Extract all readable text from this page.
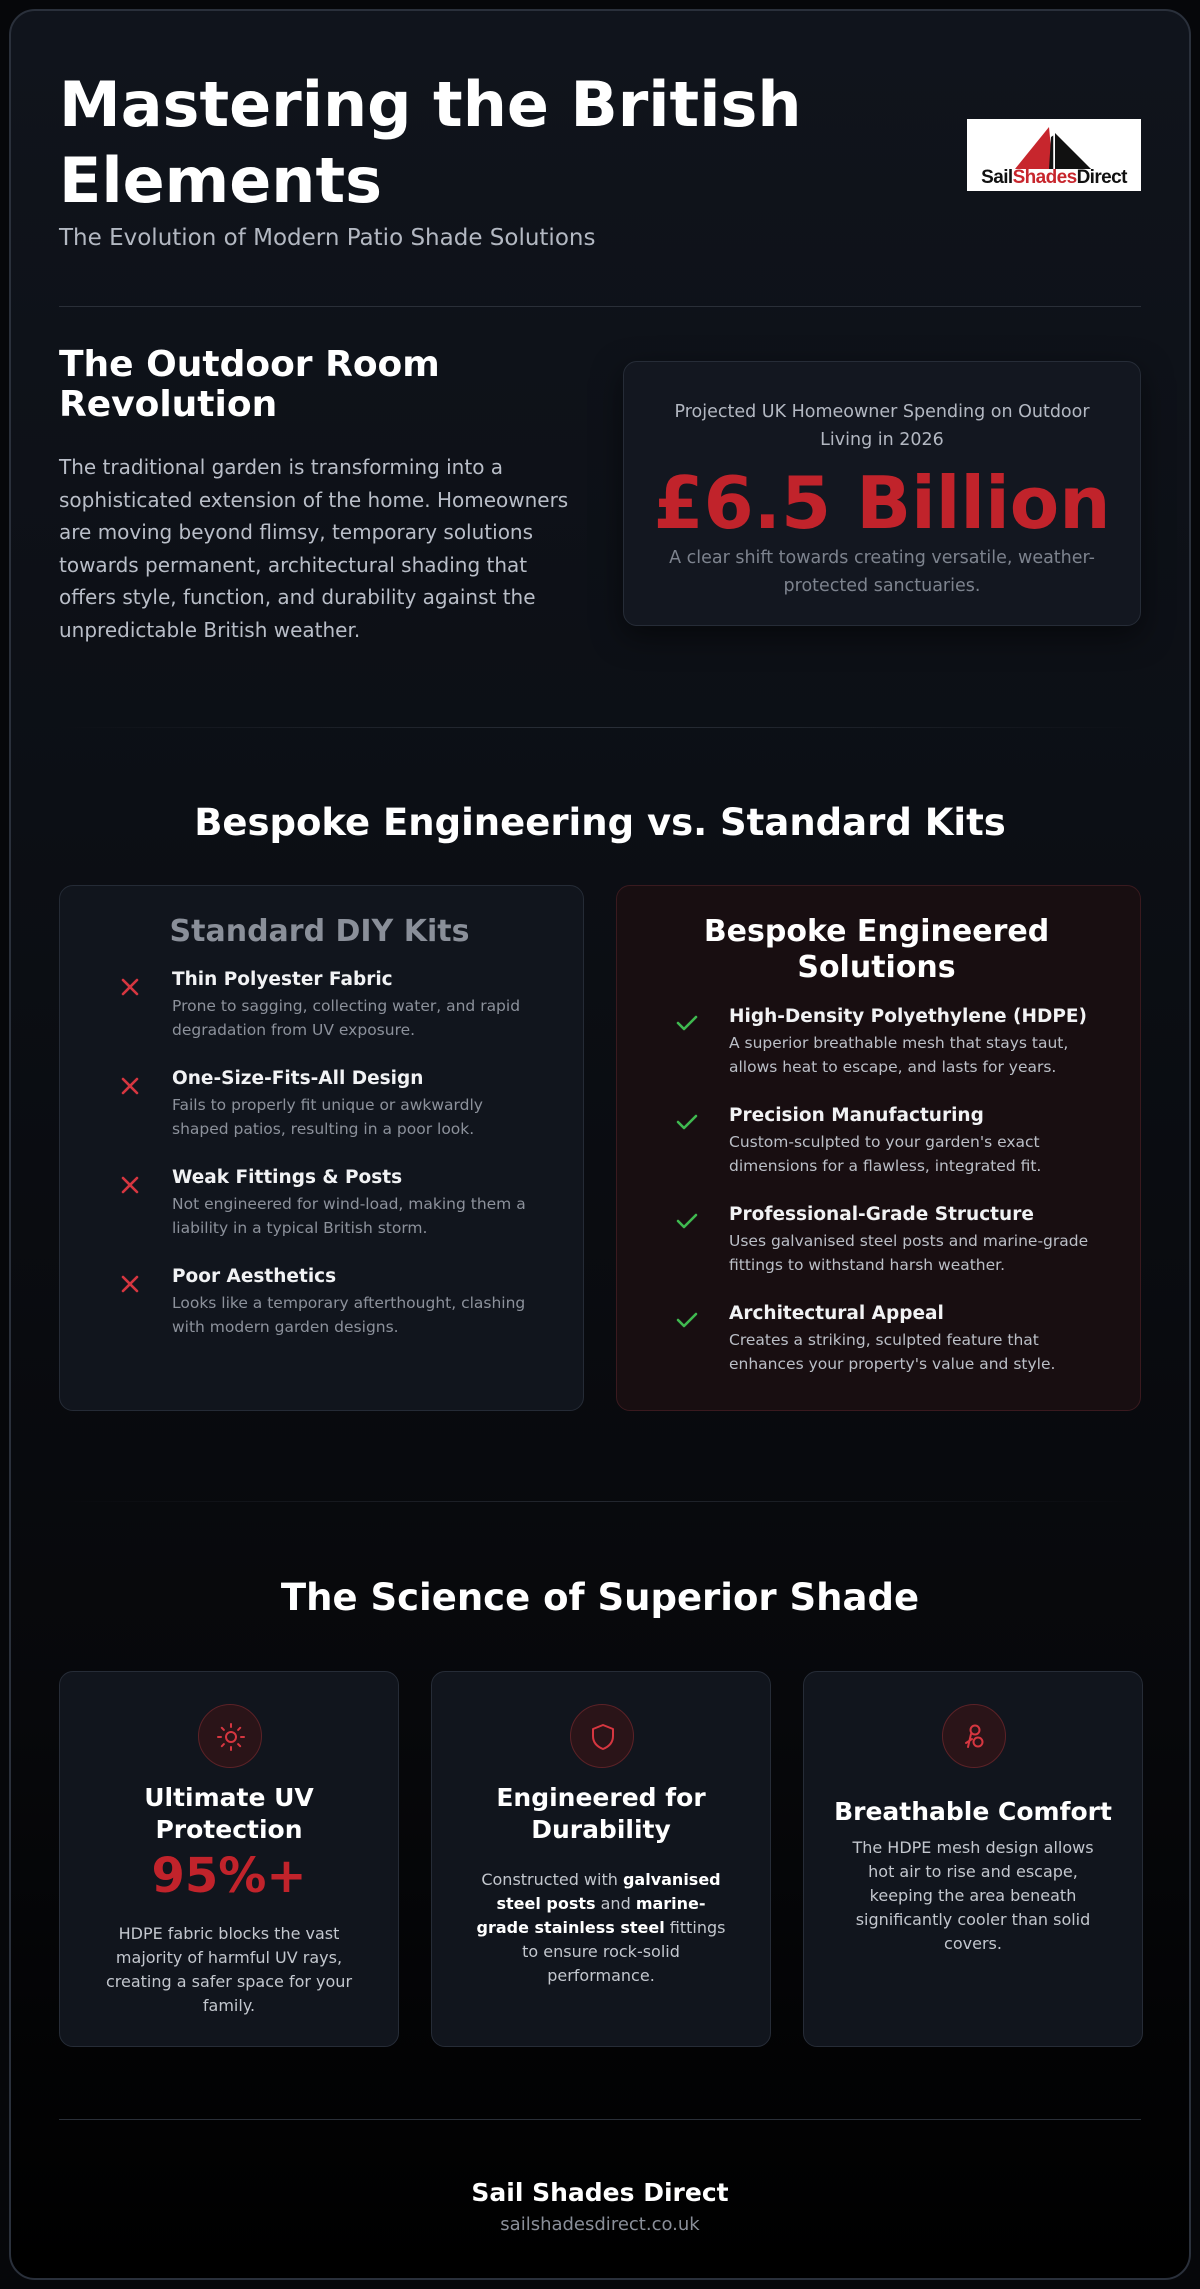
Mastering the British Elements
The Evolution of Modern Patio Shade Solutions
SailShadesDirect
The Outdoor Room Revolution

The traditional garden is transforming into a sophisticated extension of the home. Homeowners are moving beyond flimsy, temporary solutions towards permanent, architectural shading that offers style, function, and durability against the unpredictable British weather.

Projected UK Homeowner Spending on Outdoor Living in 2026
£6.5 Billion
A clear shift towards creating versatile, weather-protected sanctuaries.
Bespoke Engineering vs. Standard Kits
Standard DIY Kits
Thin Polyester Fabric
Prone to sagging, collecting water, and rapid degradation from UV exposure.
One-Size-Fits-All Design
Fails to properly fit unique or awkwardly shaped patios, resulting in a poor look.
Weak Fittings & Posts
Not engineered for wind-load, making them a liability in a typical British storm.
Poor Aesthetics
Looks like a temporary afterthought, clashing with modern garden designs.
Bespoke Engineered Solutions
High-Density Polyethylene (HDPE)
A superior breathable mesh that stays taut, allows heat to escape, and lasts for years.
Precision Manufacturing
Custom-sculpted to your garden's exact dimensions for a flawless, integrated fit.
Professional-Grade Structure
Uses galvanised steel posts and marine-grade fittings to withstand harsh weather.
Architectural Appeal
Creates a striking, sculpted feature that enhances your property's value and style.
The Science of Superior Shade
Ultimate UV Protection
95%+
HDPE fabric blocks the vast majority of harmful UV rays, creating a safer space for your family.
Engineered for Durability
Constructed with galvanised steel posts and marine-grade stainless steel fittings to ensure rock-solid performance.
Breathable Comfort
The HDPE mesh design allows hot air to rise and escape, keeping the area beneath significantly cooler than solid covers.
Sail Shades Direct
sailshadesdirect.co.uk
